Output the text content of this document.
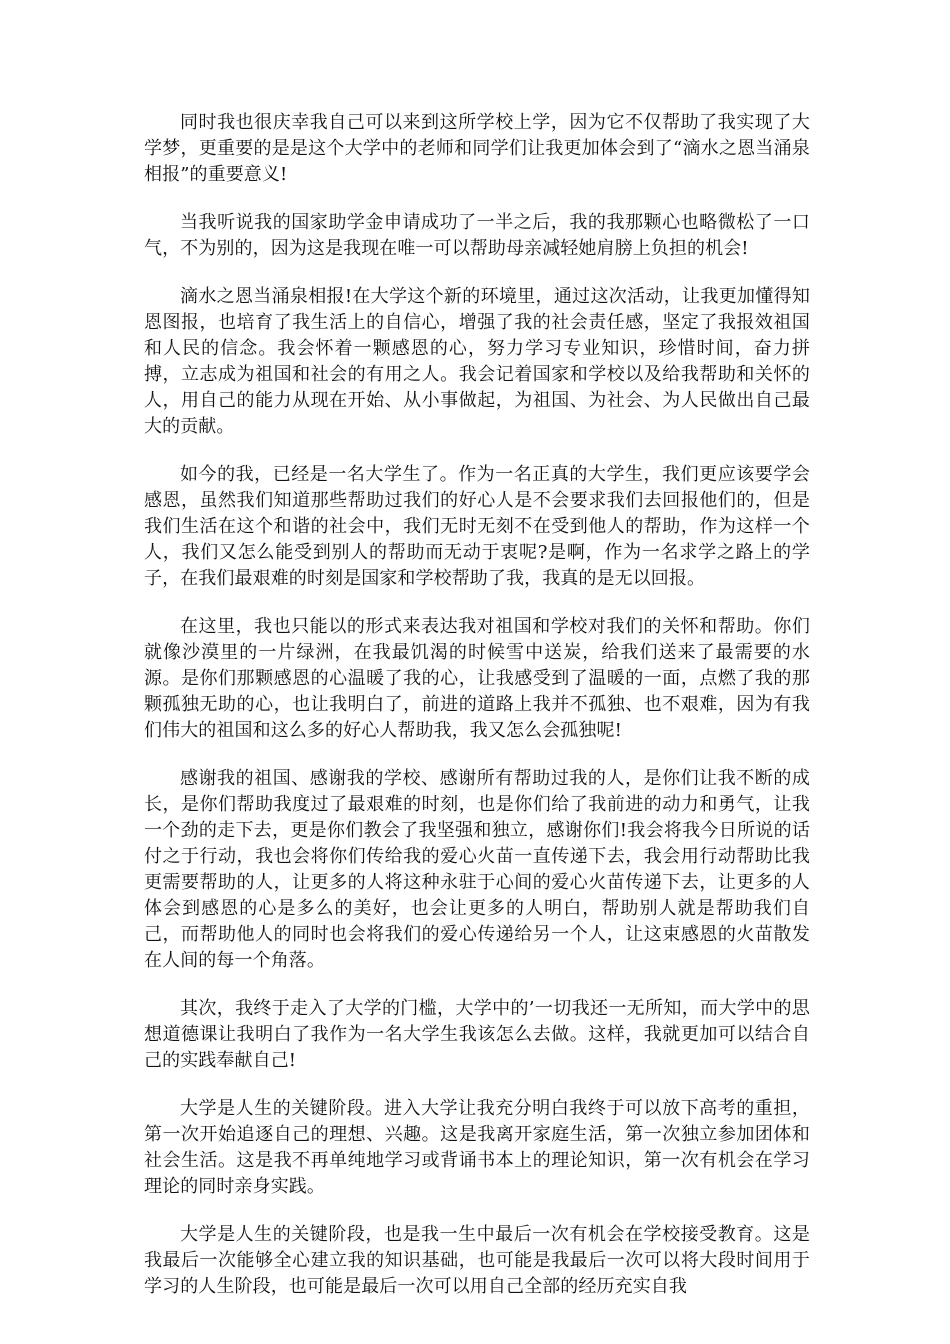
同时我也很庆幸我自己可以来到这所学校上学，因为它不仅帮助了我实现了大学梦，更重要的是是这个大学中的老师和同学们让我更加体会到了“滴水之恩当涌泉相报”的重要意义!

当我听说我的国家助学金申请成功了一半之后，我的我那颗心也略微松了一口气，不为别的，因为这是我现在唯一可以帮助母亲减轻她肩膀上负担的机会!

滴水之恩当涌泉相报!在大学这个新的环境里，通过这次活动，让我更加懂得知恩图报，也培育了我生活上的自信心，增强了我的社会责任感，坚定了我报效祖国和人民的信念。我会怀着一颗感恩的心，努力学习专业知识，珍惜时间，奋力拼搏，立志成为祖国和社会的有用之人。我会记着国家和学校以及给我帮助和关怀的人，用自己的能力从现在开始、从小事做起，为祖国、为社会、为人民做出自己最大的贡献。

如今的我，已经是一名大学生了。作为一名正真的大学生，我们更应该要学会感恩，虽然我们知道那些帮助过我们的好心人是不会要求我们去回报他们的，但是我们生活在这个和谐的社会中，我们无时无刻不在受到他人的帮助，作为这样一个人，我们又怎么能受到别人的帮助而无动于衷呢?是啊，作为一名求学之路上的学子，在我们最艰难的时刻是国家和学校帮助了我，我真的是无以回报。

在这里，我也只能以的形式来表达我对祖国和学校对我们的关怀和帮助。你们就像沙漠里的一片绿洲，在我最饥渴的时候雪中送炭，给我们送来了最需要的水源。是你们那颗感恩的心温暖了我的心，让我感受到了温暖的一面，点燃了我的那颗孤独无助的心，也让我明白了，前进的道路上我并不孤独、也不艰难，因为有我们伟大的祖国和这么多的好心人帮助我，我又怎么会孤独呢!

感谢我的祖国、感谢我的学校、感谢所有帮助过我的人，是你们让我不断的成长，是你们帮助我度过了最艰难的时刻，也是你们给了我前进的动力和勇气，让我一个劲的走下去，更是你们教会了我坚强和独立，感谢你们!我会将我今日所说的话付之于行动，我也会将你们传给我的爱心火苗一直传递下去，我会用行动帮助比我更需要帮助的人，让更多的人将这种永驻于心间的爱心火苗传递下去，让更多的人体会到感恩的心是多么的美好，也会让更多的人明白，帮助别人就是帮助我们自己，而帮助他人的同时也会将我们的爱心传递给另一个人，让这束感恩的火苗散发在人间的每一个角落。

其次，我终于走入了大学的门槛，大学中的’一切我还一无所知，而大学中的思想道德课让我明白了我作为一名大学生我该怎么去做。这样，我就更加可以结合自己的实践奉献自己!

大学是人生的关键阶段。进入大学让我充分明白我终于可以放下高考的重担，第一次开始追逐自己的理想、兴趣。这是我离开家庭生活，第一次独立参加团体和社会生活。这是我不再单纯地学习或背诵书本上的理论知识，第一次有机会在学习理论的同时亲身实践。

大学是人生的关键阶段，也是我一生中最后一次有机会在学校接受教育。这是我最后一次能够全心建立我的知识基础，也可能是我最后一次可以将大段时间用于学习的人生阶段，也可能是最后一次可以用自己全部的经历充实自我
